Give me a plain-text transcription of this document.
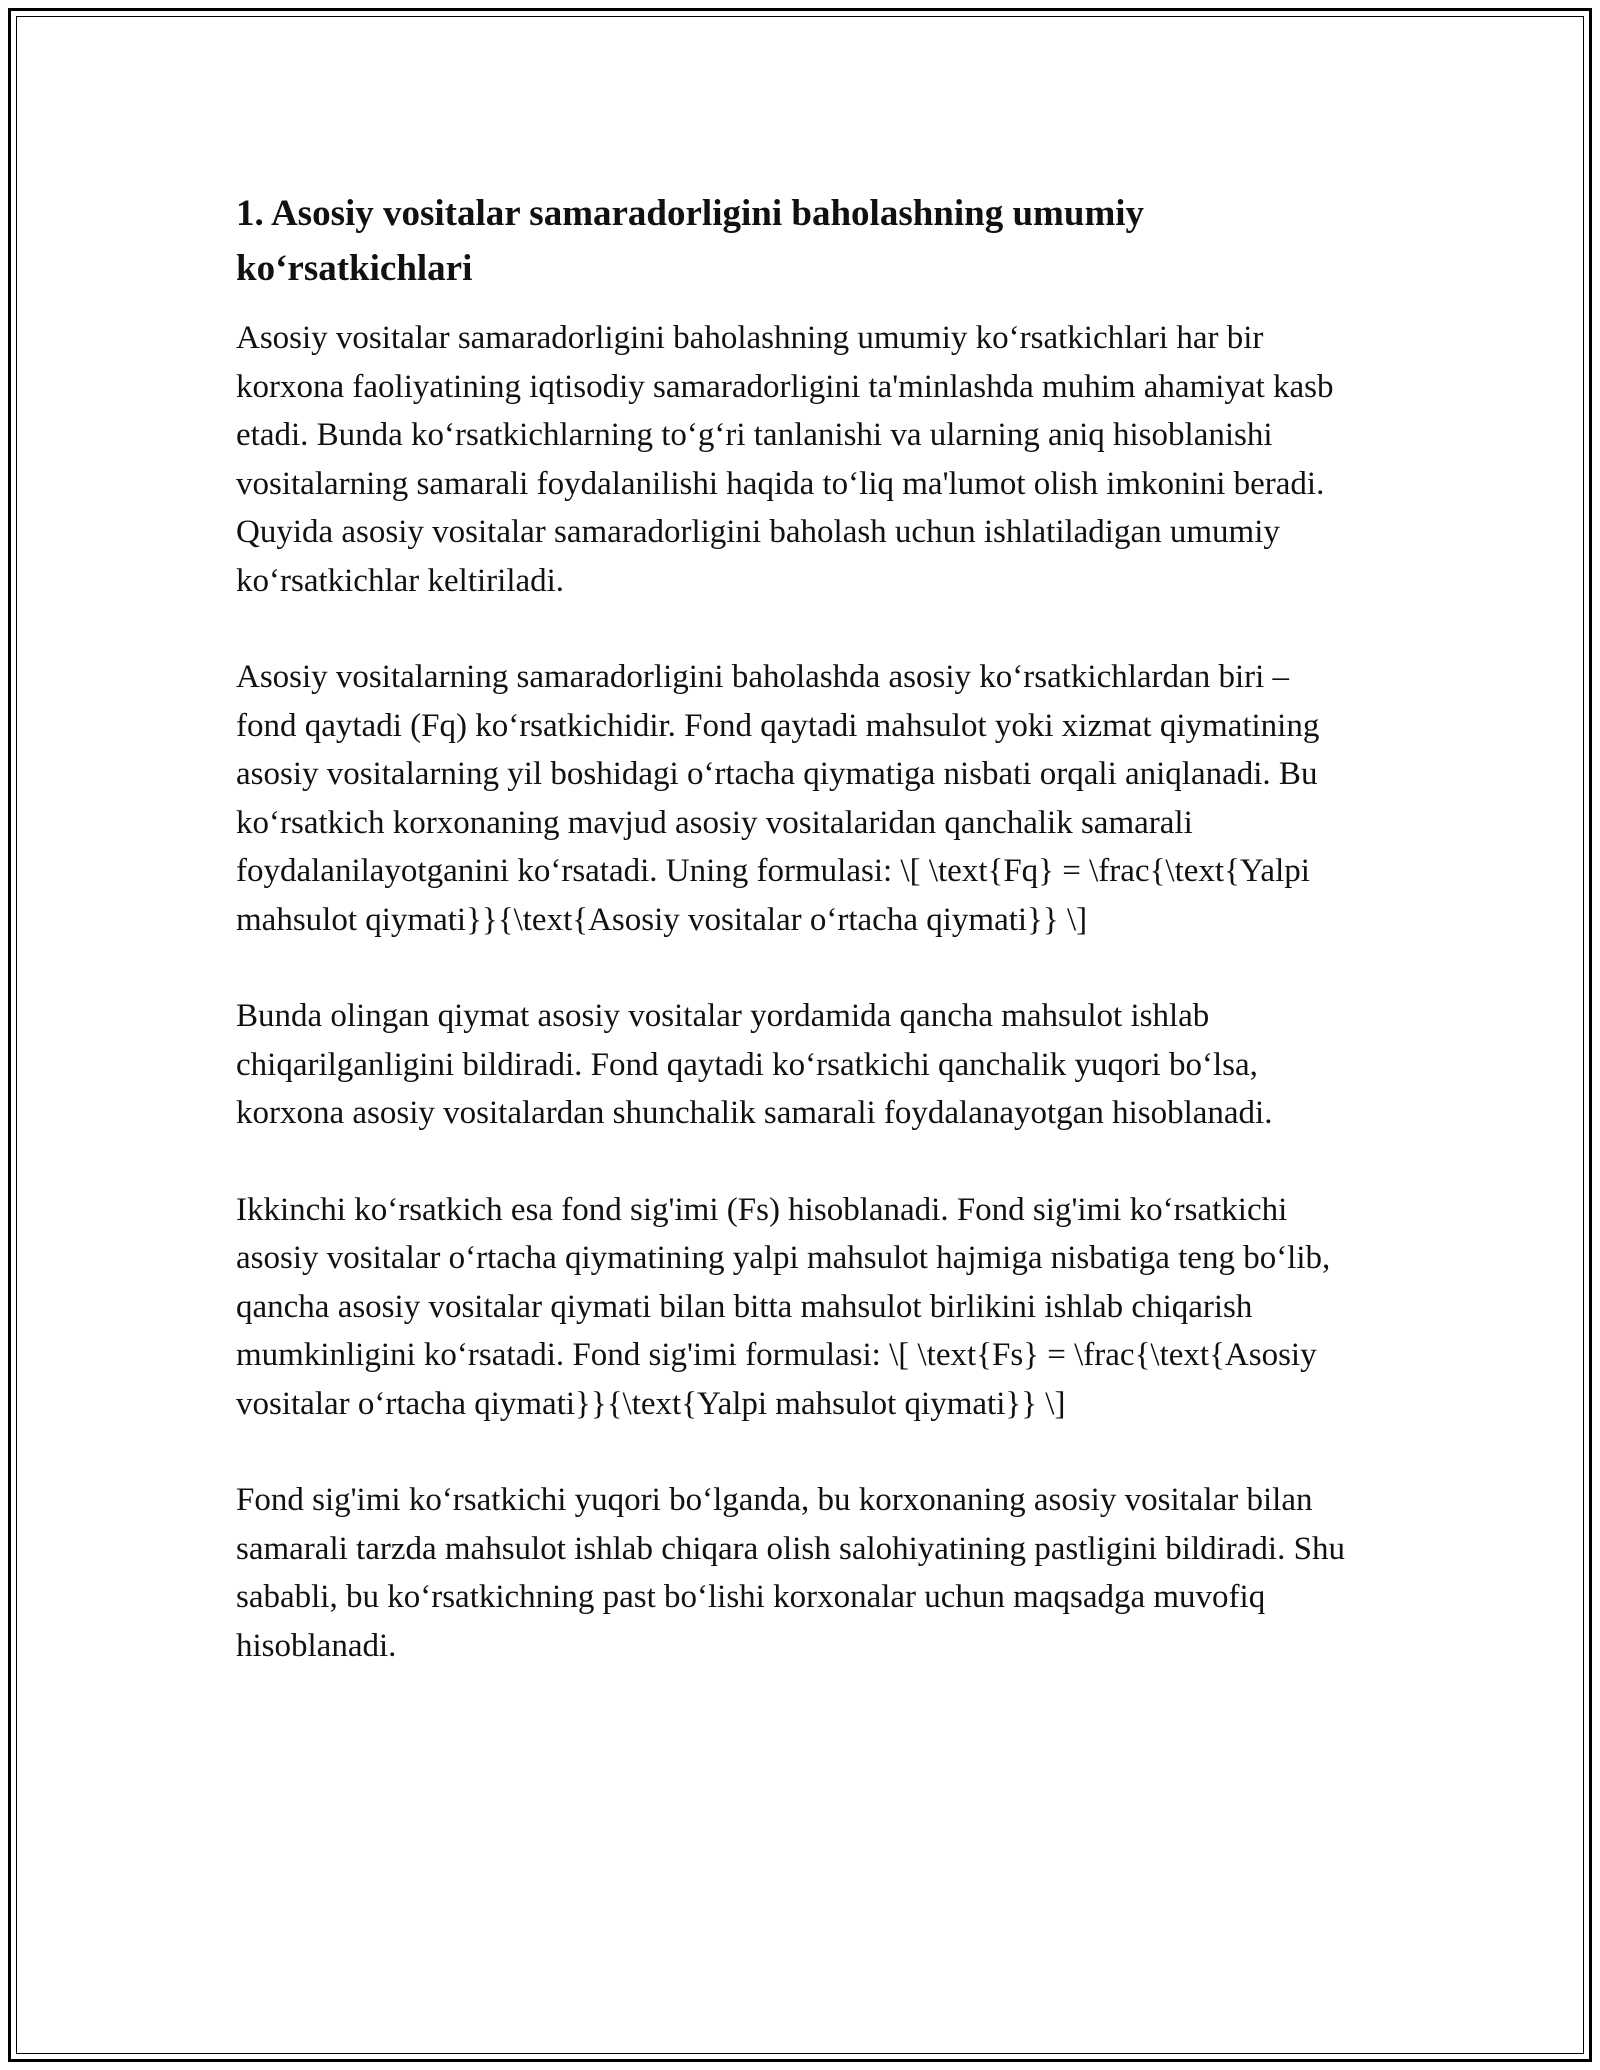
1. Asosiy vositalar samaradorligini baholashning umumiy ko‘rsatkichlari

Asosiy vositalar samaradorligini baholashning umumiy ko‘rsatkichlari har bir korxona faoliyatining iqtisodiy samaradorligini ta'minlashda muhim ahamiyat kasb etadi. Bunda ko‘rsatkichlarning to‘g‘ri tanlanishi va ularning aniq hisoblanishi vositalarning samarali foydalanilishi haqida to‘liq ma'lumot olish imkonini beradi. Quyida asosiy vositalar samaradorligini baholash uchun ishlatiladigan umumiy ko‘rsatkichlar keltiriladi.

Asosiy vositalarning samaradorligini baholashda asosiy ko‘rsatkichlardan biri – fond qaytadi (Fq) ko‘rsatkichidir. Fond qaytadi mahsulot yoki xizmat qiymatining asosiy vositalarning yil boshidagi o‘rtacha qiymatiga nisbati orqali aniqlanadi. Bu ko‘rsatkich korxonaning mavjud asosiy vositalaridan qanchalik samarali foydalanilayotganini ko‘rsatadi. Uning formulasi: \[ \text{Fq} = \frac{\text{Yalpi mahsulot qiymati}}{\text{Asosiy vositalar o‘rtacha qiymati}} \]

Bunda olingan qiymat asosiy vositalar yordamida qancha mahsulot ishlab chiqarilganligini bildiradi. Fond qaytadi ko‘rsatkichi qanchalik yuqori bo‘lsa, korxona asosiy vositalardan shunchalik samarali foydalanayotgan hisoblanadi.

Ikkinchi ko‘rsatkich esa fond sig'imi (Fs) hisoblanadi. Fond sig'imi ko‘rsatkichi asosiy vositalar o‘rtacha qiymatining yalpi mahsulot hajmiga nisbatiga teng bo‘lib, qancha asosiy vositalar qiymati bilan bitta mahsulot birlikini ishlab chiqarish mumkinligini ko‘rsatadi. Fond sig'imi formulasi: \[ \text{Fs} = \frac{\text{Asosiy vositalar o‘rtacha qiymati}}{\text{Yalpi mahsulot qiymati}} \]

Fond sig'imi ko‘rsatkichi yuqori bo‘lganda, bu korxonaning asosiy vositalar bilan samarali tarzda mahsulot ishlab chiqara olish salohiyatining pastligini bildiradi. Shu sababli, bu ko‘rsatkichning past bo‘lishi korxonalar uchun maqsadga muvofiq hisoblanadi.
